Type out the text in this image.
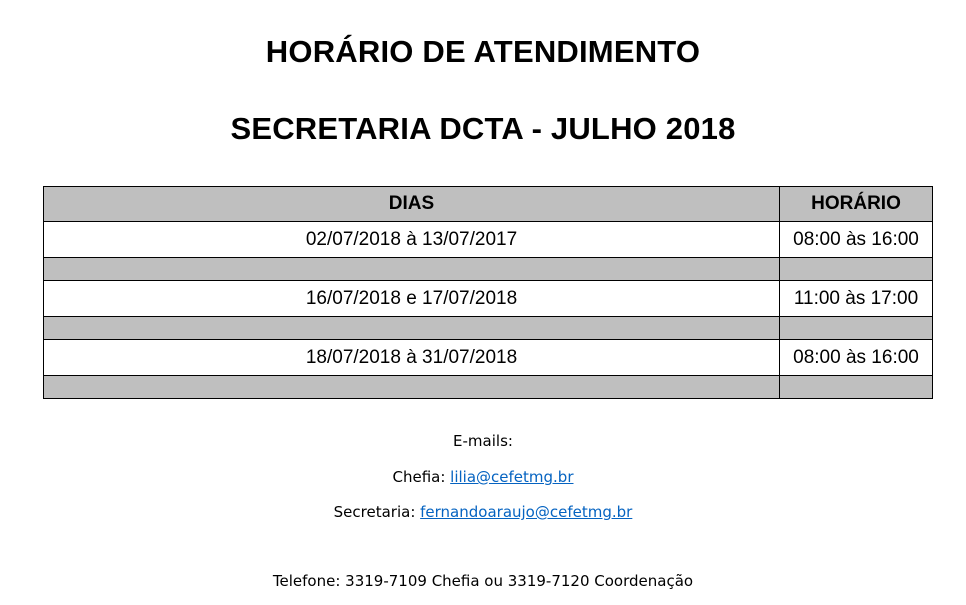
HORÁRIO DE ATENDIMENTO
SECRETARIA DCTA - JULHO 2018
DIAS	HORÁRIO
02/07/2018 à 13/07/2017	08:00 às 16:00

16/07/2018 e 17/07/2018	11:00 às 17:00

18/07/2018 à 31/07/2018	08:00 às 16:00

E-mails:

Chefia: lilia@cefetmg.br

Secretaria: fernandoaraujo@cefetmg.br

Telefone: 3319-7109 Chefia ou 3319-7120 Coordenação
